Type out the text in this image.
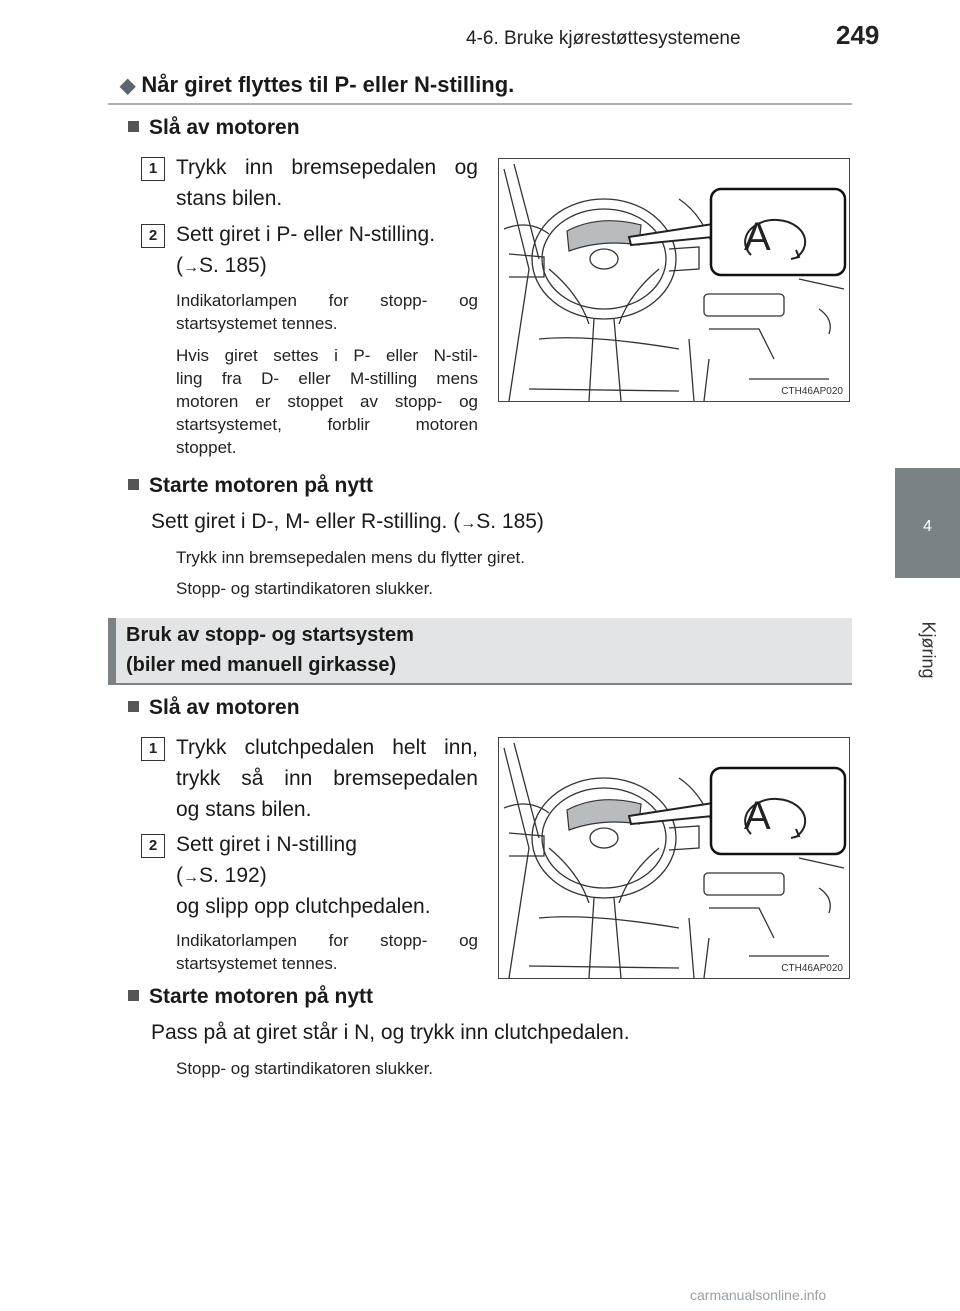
4-6. Bruke kjørestøttesystemene	249
4
Kjøring
◆ Når giret flyttes til P- eller N-stilling.
Slå av motoren
1 Trykk inn bremsepedalen og
stans bilen.
2 Sett giret i P- eller N-stilling.
(→S. 185)
Indikatorlampen for stopp- og
startsystemet tennes.
Hvis giret settes i P- eller N-stil-
ling fra D- eller M-stilling mens
motoren er stoppet av stopp- og
startsystemet, forblir motoren
stoppet.
A
CTH46AP020
Starte motoren på nytt
Sett giret i D-, M- eller R-stilling. (→S. 185)
Trykk inn bremsepedalen mens du flytter giret.
Stopp- og startindikatoren slukker.
Bruk av stopp- og startsystem
(biler med manuell girkasse)
Slå av motoren
1 Trykk clutchpedalen helt inn,
trykk så inn bremsepedalen
og stans bilen.
2 Sett giret i N-stilling
(→S. 192)
og slipp opp clutchpedalen.
Indikatorlampen for stopp- og
startsystemet tennes.
A
CTH46AP020
Starte motoren på nytt
Pass på at giret står i N, og trykk inn clutchpedalen.
Stopp- og startindikatoren slukker.
carmanualsonline.info
